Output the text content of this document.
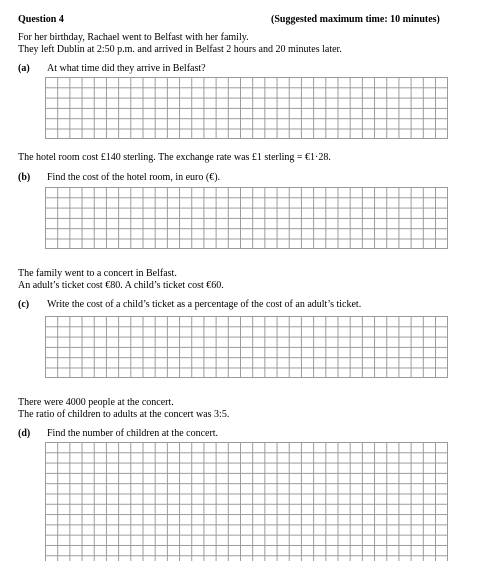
Question 4	(Suggested maximum time: 10 minutes)
For her birthday, Rachael went to Belfast with her family.
They left Dublin at 2:50 p.m. and arrived in Belfast 2 hours and 20 minutes later.
(a) At what time did they arrive in Belfast?
The hotel room cost £140 sterling. The exchange rate was £1 sterling = €1·28.
(b) Find the cost of the hotel room, in euro (€).
The family went to a concert in Belfast.
An adult’s ticket cost €80. A child’s ticket cost €60.
(c) Write the cost of a child’s ticket as a percentage of the cost of an adult’s ticket.
There were 4000 people at the concert.
The ratio of children to adults at the concert was 3:5.
(d) Find the number of children at the concert.
